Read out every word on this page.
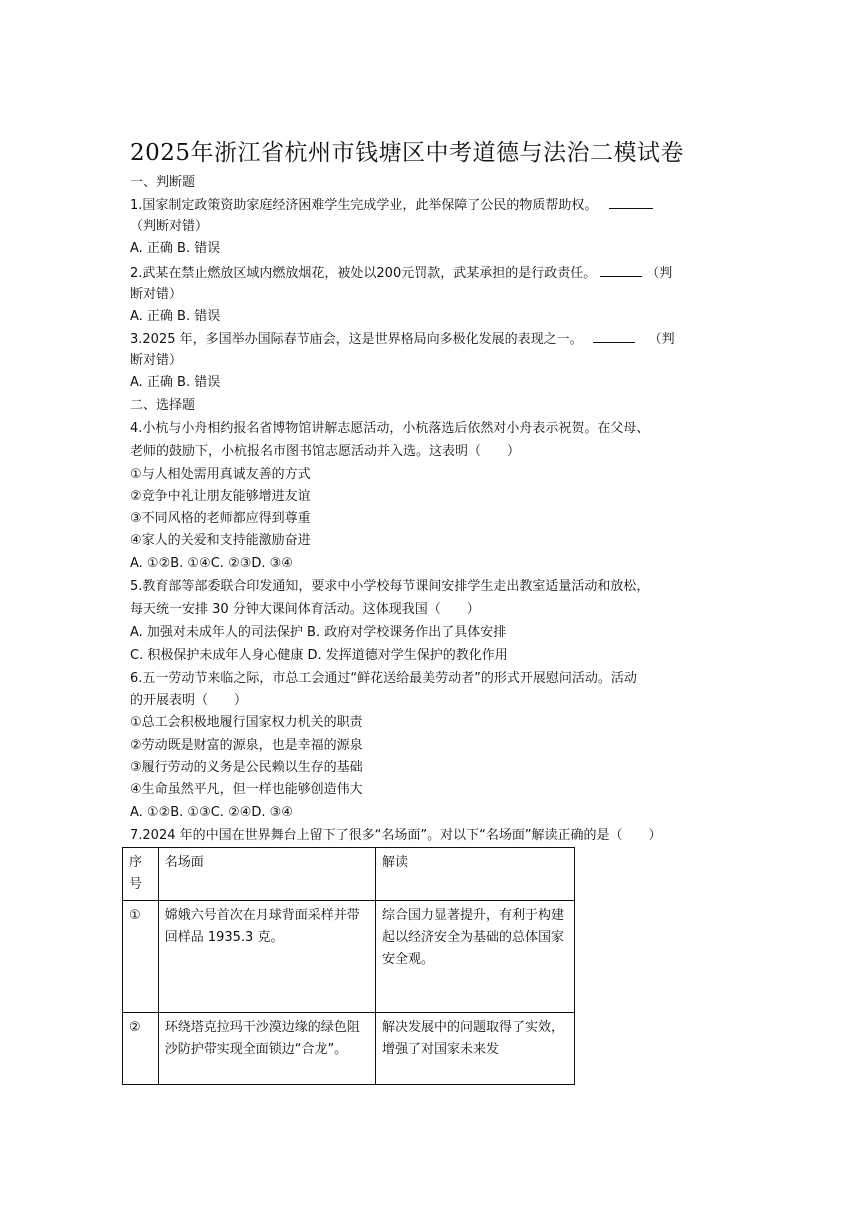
2025年浙江省杭州市钱塘区中考道德与法治二模试卷
一、判断题
1.国家制定政策资助家庭经济困难学生完成学业，此举保障了公民的物质帮助权。
（判断对错）
A. 正确 B. 错误
2.武某在禁止燃放区域内燃放烟花，被处以200元罚款，武某承担的是行政责任。	（判
断对错）
A. 正确 B. 错误
3.2025 年，多国举办国际春节庙会，这是世界格局向多极化发展的表现之一。	（判
断对错）
A. 正确 B. 错误
二、选择题
4.小杭与小舟相约报名省博物馆讲解志愿活动，小杭落选后依然对小舟表示祝贺。在父母、
老师的鼓励下，小杭报名市图书馆志愿活动并入选。这表明（　　）
①与人相处需用真诚友善的方式
②竞争中礼让朋友能够增进友谊
③不同风格的老师都应得到尊重
④家人的关爱和支持能激励奋进
A. ①②B. ①④C. ②③D. ③④
5.教育部等部委联合印发通知，要求中小学校每节课间安排学生走出教室适量活动和放松，
每天统一安排 30 分钟大课间体育活动。这体现我国（　　）
A. 加强对未成年人的司法保护 B. 政府对学校课务作出了具体安排
C. 积极保护未成年人身心健康 D. 发挥道德对学生保护的教化作用
6.五一劳动节来临之际，市总工会通过“鲜花送给最美劳动者”的形式开展慰问活动。活动
的开展表明（　　）
①总工会积极地履行国家权力机关的职责
②劳动既是财富的源泉，也是幸福的源泉
③履行劳动的义务是公民赖以生存的基础
④生命虽然平凡，但一样也能够创造伟大
A. ①②B. ①③C. ②④D. ③④
7.2024 年的中国在世界舞台上留下了很多“名场面”。对以下“名场面”解读正确的是（　　）
序号	名场面	解读
①	嫦娥六号首次在月球背面采样并带回样品 1935.3 克。	综合国力显著提升，有利于构建起以经济安全为基础的总体国家安全观。
②	环绕塔克拉玛干沙漠边缘的绿色阻沙防护带实现全面锁边“合龙”。	解决发展中的问题取得了实效，增强了对国家未来发
